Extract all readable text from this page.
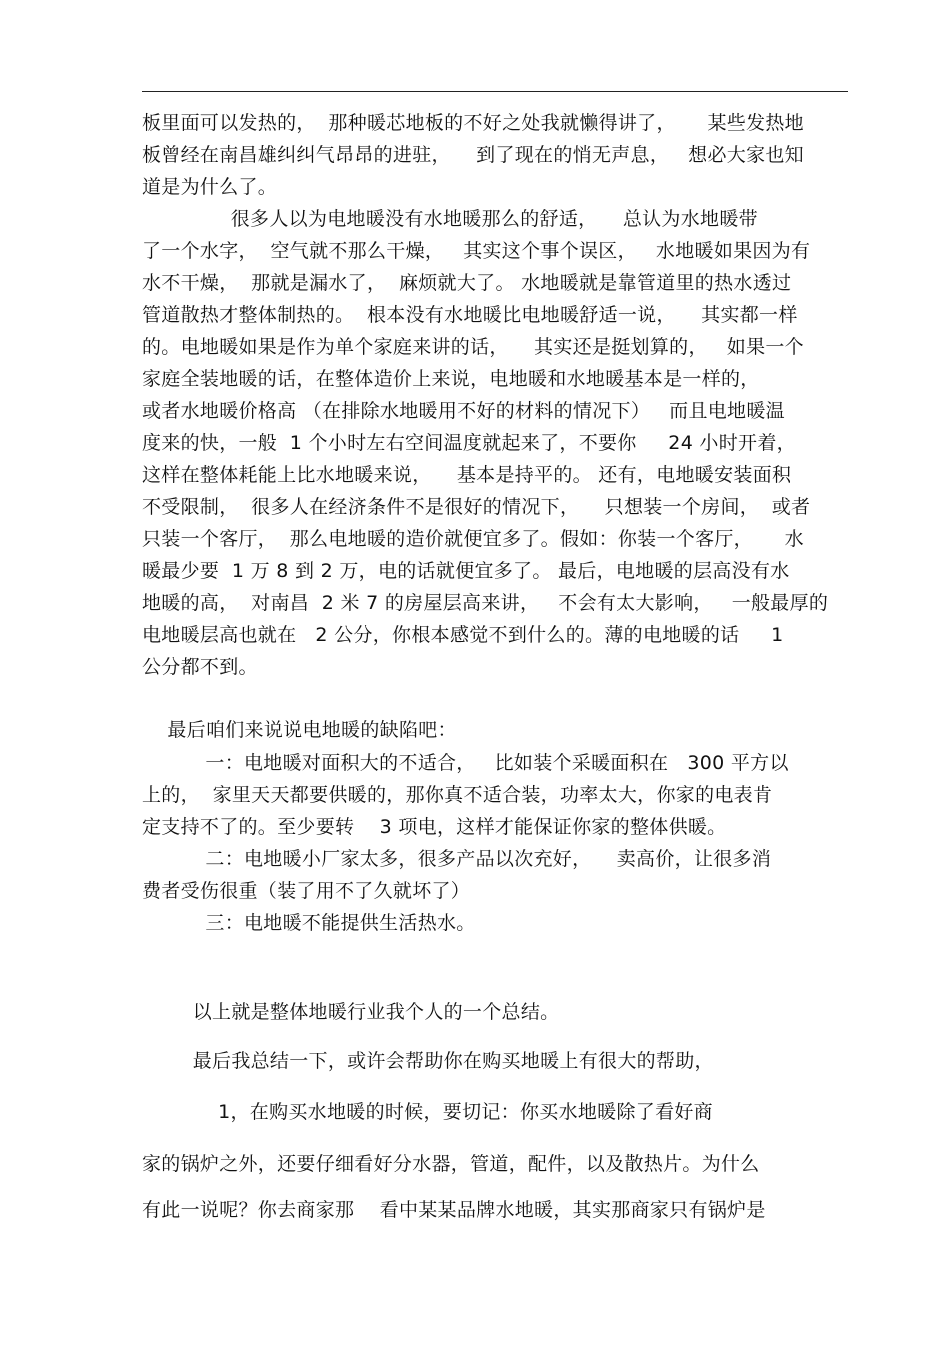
板里面可以发热的，  那种暖芯地板的不好之处我就懒得讲了，     某些发热地
板曾经在南昌雄纠纠气昂昂的进驻，    到了现在的悄无声息，   想必大家也知
道是为什么了。
很多人以为电地暖没有水地暖那么的舒适，    总认为水地暖带
了一个水字，  空气就不那么干燥，   其实这个事个误区，   水地暖如果因为有
水不干燥，  那就是漏水了，  麻烦就大了。 水地暖就是靠管道里的热水透过
管道散热才整体制热的。  根本没有水地暖比电地暖舒适一说，    其实都一样
的。电地暖如果是作为单个家庭来讲的话，    其实还是挺划算的，   如果一个
家庭全装地暖的话，在整体造价上来说，电地暖和水地暖基本是一样的，
或者水地暖价格高 （在排除水地暖用不好的材料的情况下）   而且电地暖温
度来的快，一般  1 个小时左右空间温度就起来了，不要你     24 小时开着，
这样在整体耗能上比水地暖来说，    基本是持平的。 还有，电地暖安装面积
不受限制，  很多人在经济条件不是很好的情况下，    只想装一个房间，  或者
只装一个客厅，  那么电地暖的造价就便宜多了。假如：你装一个客厅，     水
暖最少要  1 万 8 到 2 万，电的话就便宜多了。 最后，电地暖的层高没有水
地暖的高，  对南昌  2 米 7 的房屋层高来讲，   不会有太大影响，   一般最厚的
电地暖层高也就在   2 公分，你根本感觉不到什么的。薄的电地暖的话     1
公分都不到。
最后咱们来说说电地暖的缺陷吧：
一：电地暖对面积大的不适合，   比如装个采暖面积在   300 平方以
上的，  家里天天都要供暖的，那你真不适合装，功率太大，你家的电表肯
定支持不了的。至少要转    3 项电，这样才能保证你家的整体供暖。
二：电地暖小厂家太多，很多产品以次充好，    卖高价，让很多消
费者受伤很重（装了用不了久就坏了）
三：电地暖不能提供生活热水。
以上就是整体地暖行业我个人的一个总结。
最后我总结一下，或许会帮助你在购买地暖上有很大的帮助，
1，在购买水地暖的时候，要切记：你买水地暖除了看好商
家的锅炉之外，还要仔细看好分水器，管道，配件，以及散热片。为什么
有此一说呢？你去商家那    看中某某品牌水地暖，其实那商家只有锅炉是
